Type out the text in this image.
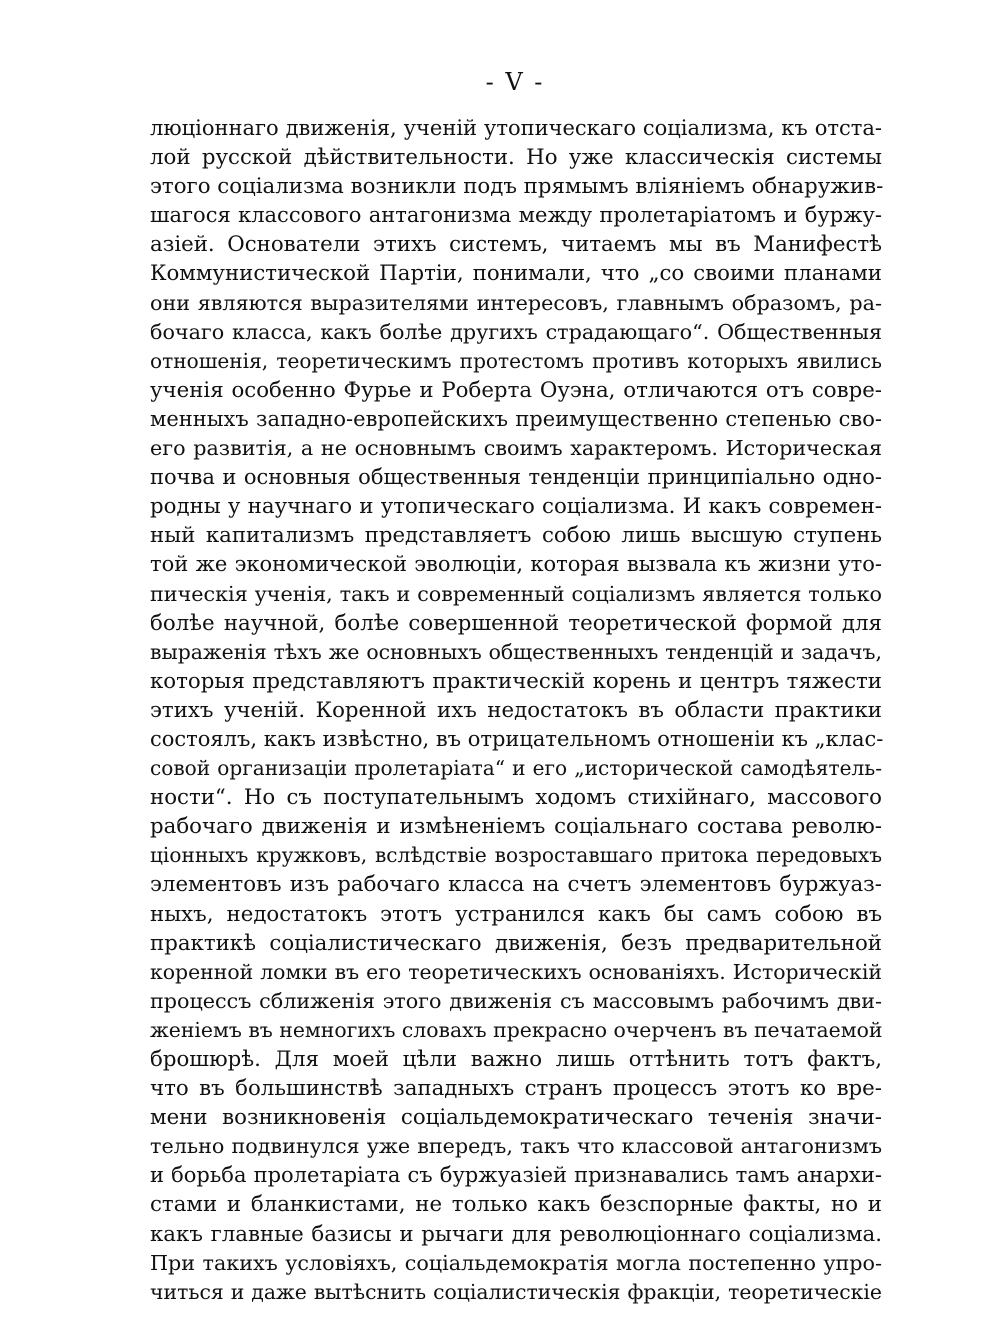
- V -
люціоннаго движенія, ученій утопическаго соціализма, къ отста-
лой русской дѣйствительности. Но уже классическія системы
этого соціализма возникли подъ прямымъ вліяніемъ обнаружив-
шагося классового антагонизма между пролетаріатомъ и буржу-
азіей. Основатели этихъ системъ, читаемъ мы въ Манифестѣ
Коммунистической Партіи, понимали, что „со своими планами
они являются выразителями интересовъ, главнымъ образомъ, ра-
бочаго класса, какъ болѣе другихъ страдающаго“. Общественныя
отношенія, теоретическимъ протестомъ противъ которыхъ явились
ученія особенно Фурье и Роберта Оуэна, отличаются отъ совре-
менныхъ западно-европейскихъ преимущественно степенью сво-
его развитія, а не основнымъ своимъ характеромъ. Историческая
почва и основныя общественныя тенденціи принципіально одно-
родны у научнаго и утопическаго соціализма. И какъ современ-
ный капитализмъ представляетъ собою лишь высшую ступень
той же экономической эволюціи, которая вызвала къ жизни уто-
пическія ученія, такъ и современный соціализмъ является только
болѣе научной, болѣе совершенной теоретической формой для
выраженія тѣхъ же основныхъ общественныхъ тенденцій и задачъ,
которыя представляютъ практическій корень и центръ тяжести
этихъ ученій. Коренной ихъ недостатокъ въ области практики
состоялъ, какъ извѣстно, въ отрицательномъ отношеніи къ „клас-
совой организаціи пролетаріата“ и его „исторической самодѣятель-
ности“. Но съ поступательнымъ ходомъ стихійнаго, массового
рабочаго движенія и измѣненіемъ соціальнаго состава револю-
ціонныхъ кружковъ, вслѣдствіе возроставшаго притока передовыхъ
элементовъ изъ рабочаго класса на счетъ элементовъ буржуаз-
ныхъ, недостатокъ этотъ устранился какъ бы самъ собою въ
практикѣ соціалистическаго движенія, безъ предварительной
коренной ломки въ его теоретическихъ основаніяхъ. Историческій
процессъ сближенія этого движенія съ массовымъ рабочимъ дви-
женіемъ въ немногихъ словахъ прекрасно очерченъ въ печатаемой
брошюрѣ. Для моей цѣли важно лишь оттѣнить тотъ фактъ,
что въ большинствѣ западныхъ странъ процессъ этотъ ко вре-
мени возникновенія соціальдемократическаго теченія значи-
тельно подвинулся уже впередъ, такъ что классовой антагонизмъ
и борьба пролетаріата съ буржуазіей признавались тамъ анархи-
стами и бланкистами, не только какъ безспорные факты, но и
какъ главные базисы и рычаги для революціоннаго соціализма.
При такихъ условіяхъ, соціальдемократія могла постепенно упро-
читься и даже вытѣснить соціалистическія фракціи, теоретическіе
